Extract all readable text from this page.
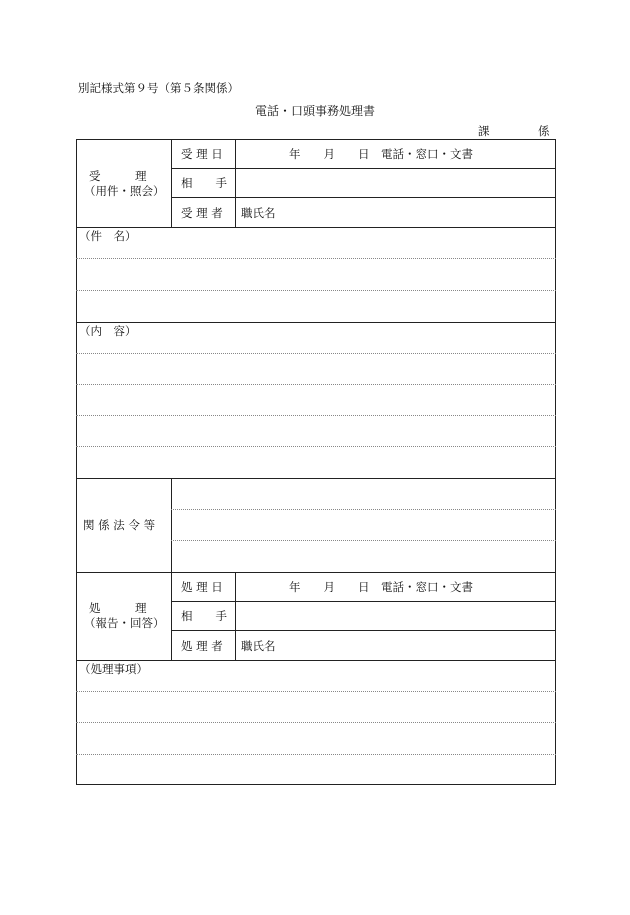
別記様式第９号（第５条関係）
電話・口頭事務処理書
課	係
受　　　理
（用件・照会）
受 理 日	年　　月　　日　電話・窓口・文書
相　　手
受 理 者 職氏名
（件　名）
（内　容）
関 係 法 令 等
処　　　理
（報告・回答）
処 理 日	年　　月　　日　電話・窓口・文書
相　　手
処 理 者 職氏名
（処理事項）
